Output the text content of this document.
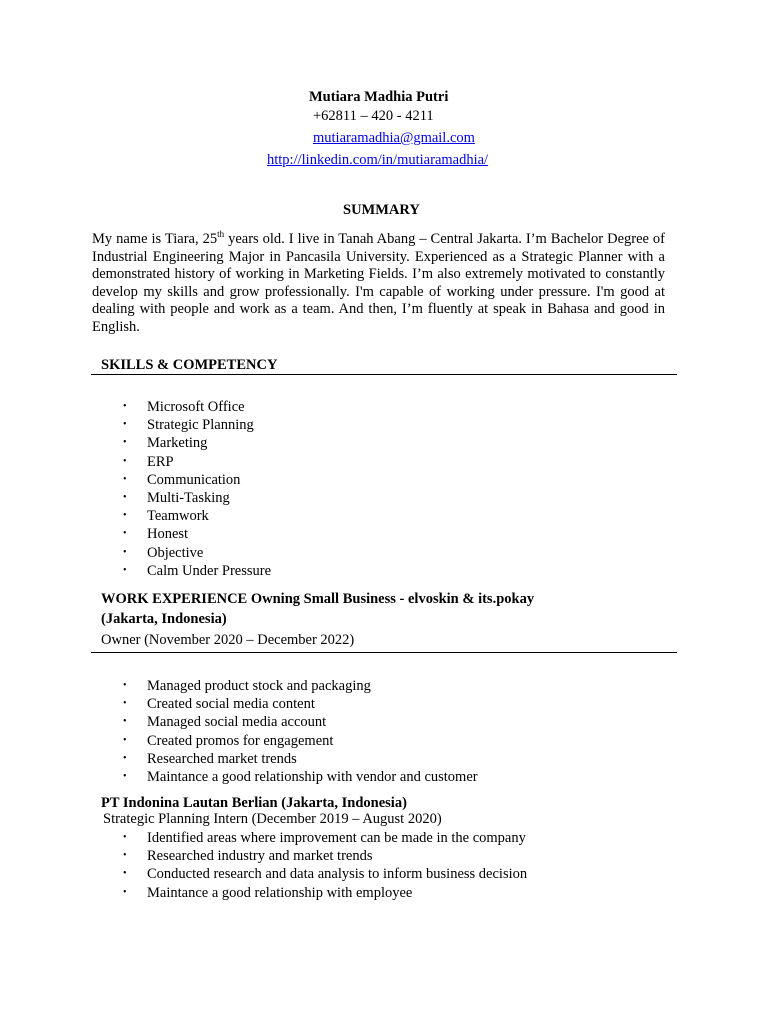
Mutiara Madhia Putri
+62811 – 420 - 4211
mutiaramadhia@gmail.com
http://linkedin.com/in/mutiaramadhia/
SUMMARY
My name is Tiara, 25th years old. I live in Tanah Abang – Central Jakarta. I’m Bachelor Degree of Industrial Engineering Major in Pancasila University. Experienced as a Strategic Planner with a demonstrated history of working in Marketing Fields. I’m also extremely motivated to constantly develop my skills and grow professionally. I'm capable of working under pressure. I'm good at dealing with people and work as a team. And then, I’m fluently at speak in Bahasa and good in English.
SKILLS & COMPETENCY
• Microsoft Office
• Strategic Planning
• Marketing
• ERP
• Communication
• Multi-Tasking
• Teamwork
• Honest
• Objective
• Calm Under Pressure
WORK EXPERIENCE Owning Small Business - elvoskin & its.pokay
(Jakarta, Indonesia)
Owner (November 2020 – December 2022)
• Managed product stock and packaging
• Created social media content
• Managed social media account
• Created promos for engagement
• Researched market trends
• Maintance a good relationship with vendor and customer
PT Indonina Lautan Berlian (Jakarta, Indonesia)
Strategic Planning Intern (December 2019 – August 2020)
• Identified areas where improvement can be made in the company
• Researched industry and market trends
• Conducted research and data analysis to inform business decision
• Maintance a good relationship with employee
